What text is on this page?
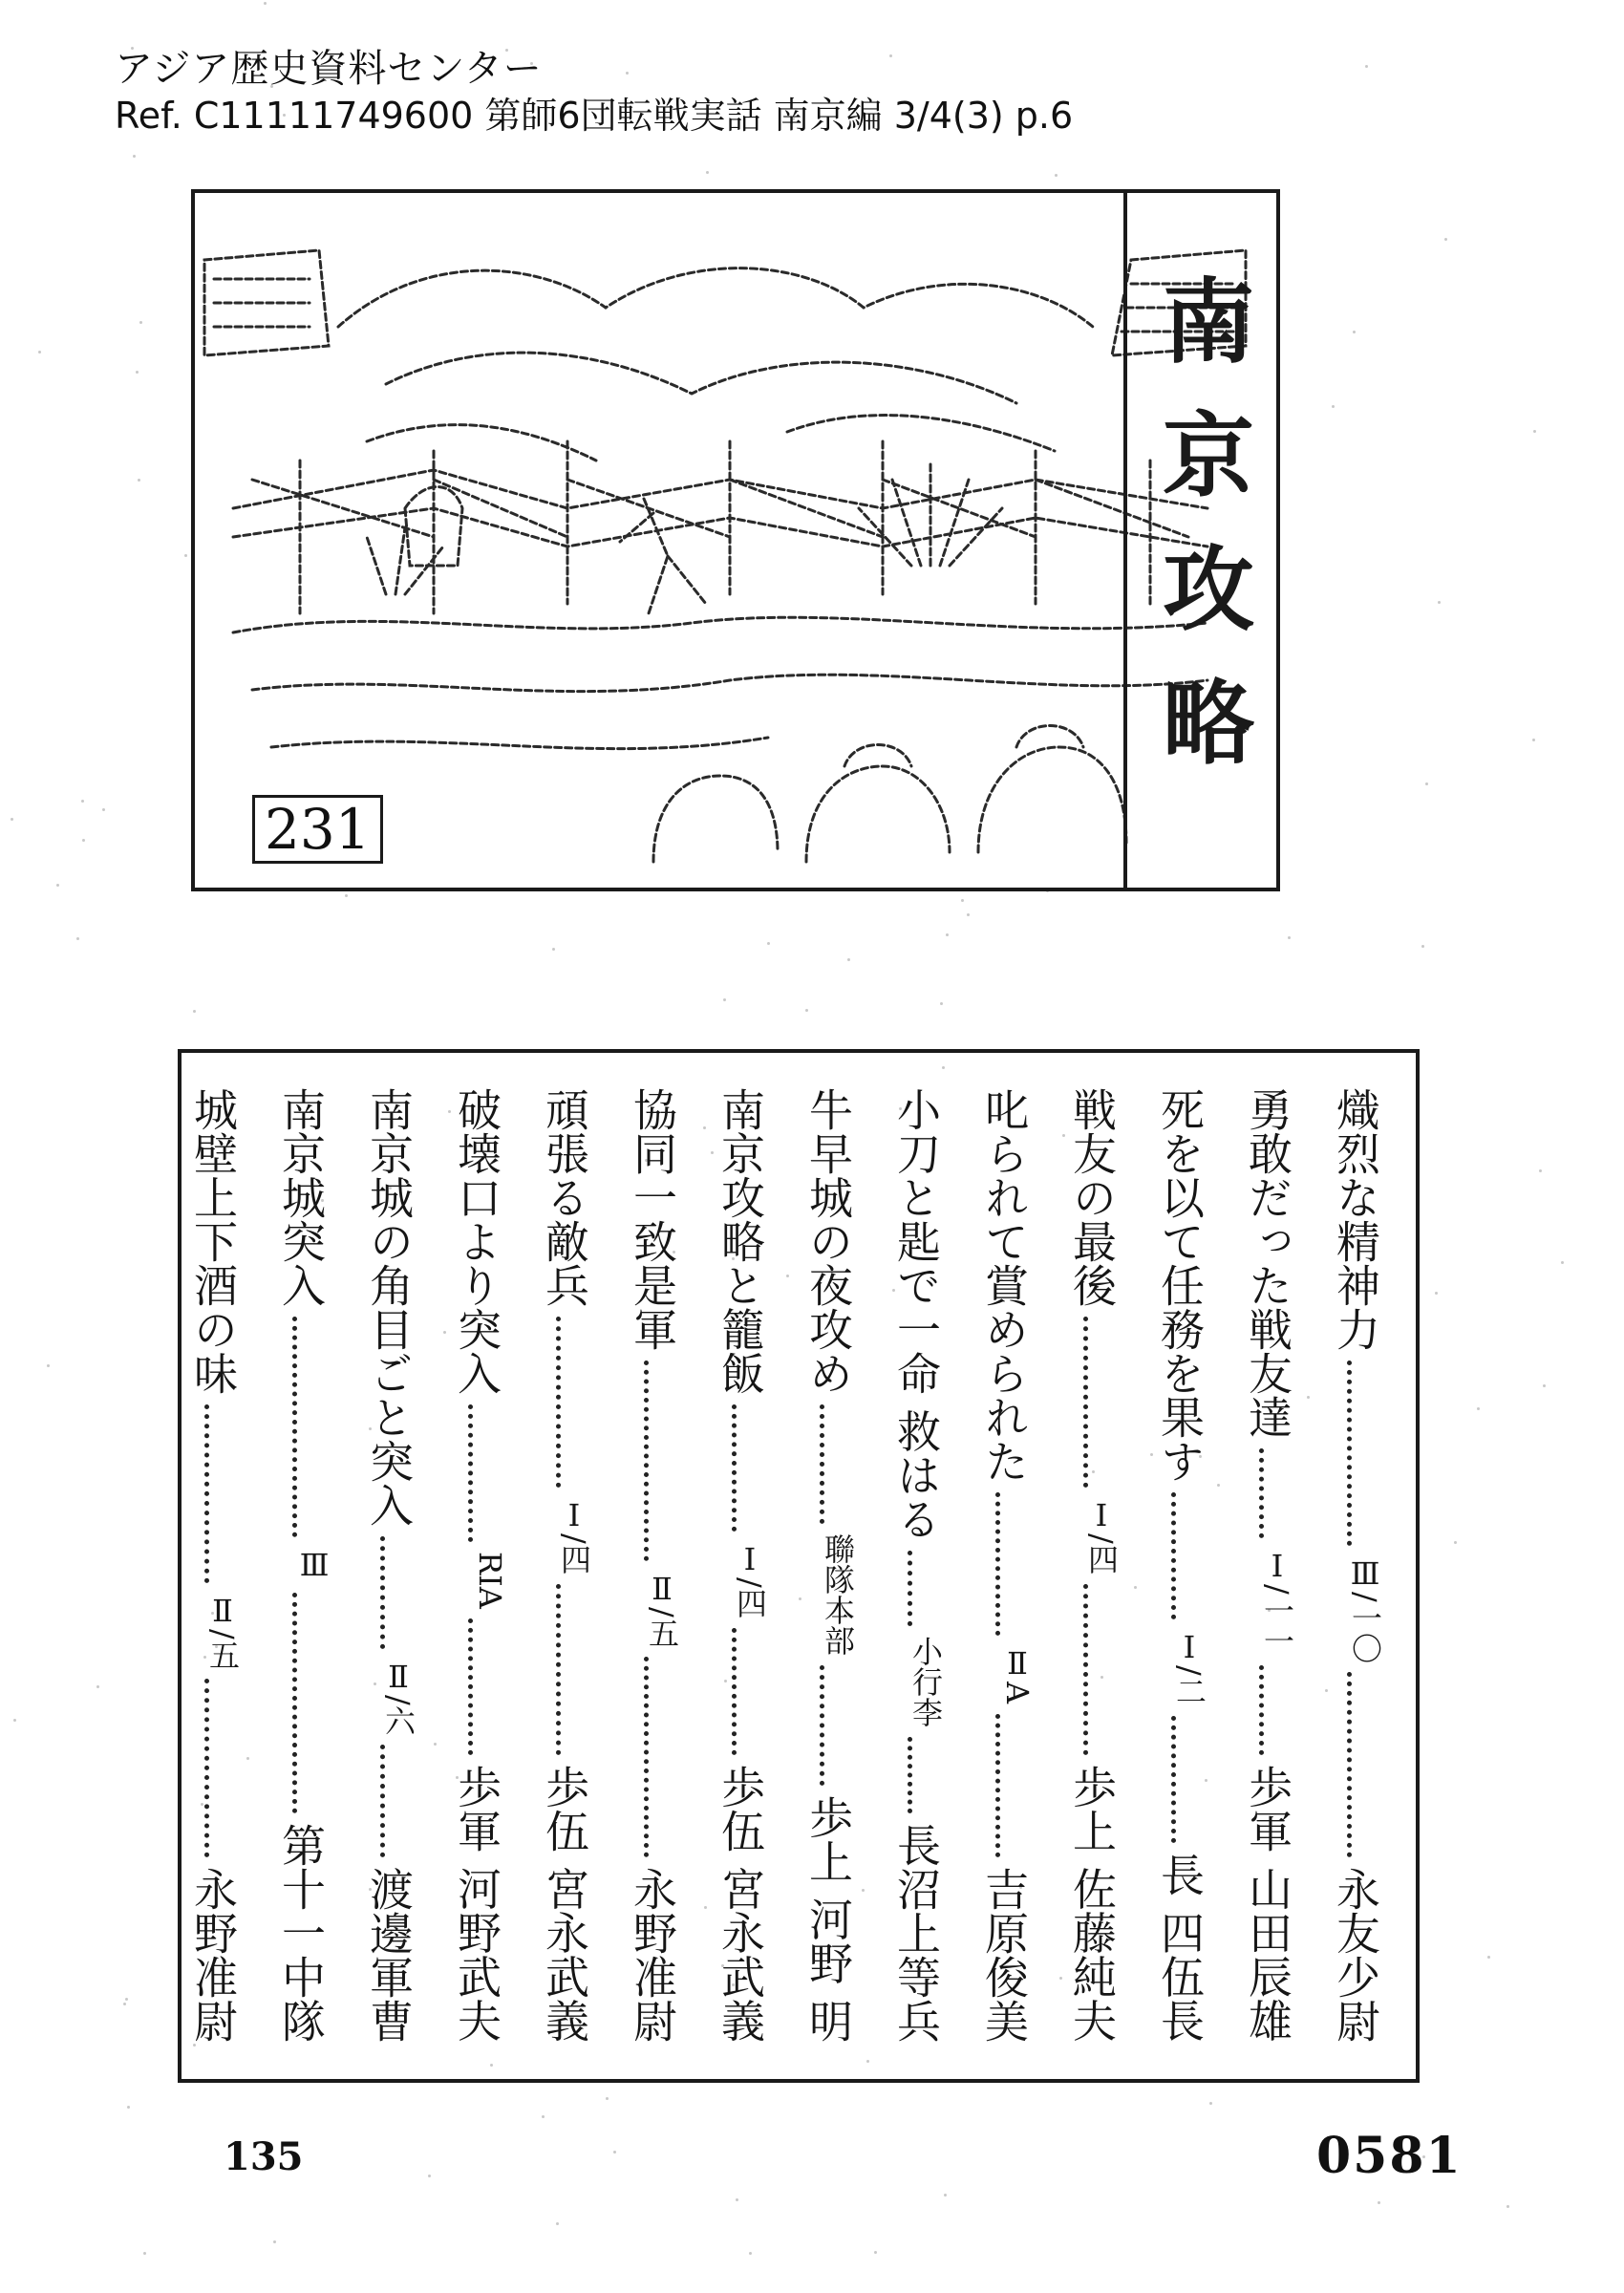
アジア歴史資料センター
Ref. C11111749600 第師6団転戦実話 南京編 3/4(3) p.6
231
南京攻略
熾烈な精神力
Ⅲ/一〇
永友少尉
勇敢だった戦友達
Ⅰ/一一
歩軍 山田辰雄
死を以て任務を果す
Ⅰ/二
長 四伍長
戦友の最後
Ⅰ/四
歩上 佐藤純夫
叱られて賞められた
ⅡA
吉原俊美
小刀と匙で一命 救はる
小行李
長沼上等兵
牛早城の夜攻め
聯隊本部
歩上 河野 明
南京攻略と籠飯
Ⅰ/四
歩伍 宮永武義
協同一致是軍
Ⅱ/五
永野准尉
頑張る敵兵
Ⅰ/四
歩伍 宮永武義
破壊口より突入
RIA
歩軍 河野武夫
南京城の角目ごと突入
Ⅱ/六
渡邊軍曹
南京城突入
Ⅲ
第十一中隊
城壁上下酒の味
Ⅱ/五
永野准尉
135	0581
